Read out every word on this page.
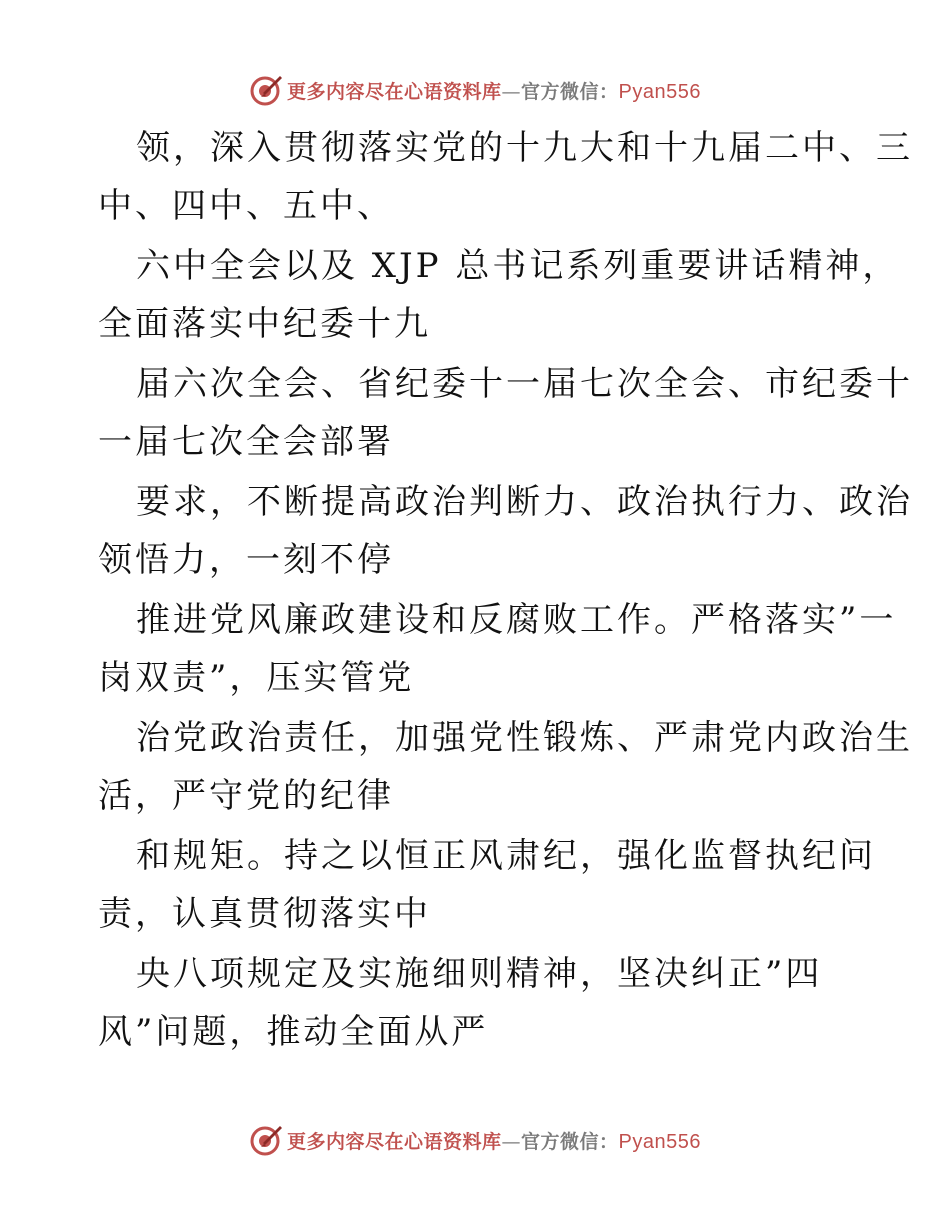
更多内容尽在心语资料库—官方微信：Pyan556
领，深入贯彻落实党的十九大和十九届二中、三
中、四中、五中、
六中全会以及 XJP 总书记系列重要讲话精神，
全面落实中纪委十九
届六次全会、省纪委十一届七次全会、市纪委十
一届七次全会部署
要求，不断提高政治判断力、政治执行力、政治
领悟力，一刻不停
推进党风廉政建设和反腐败工作。严格落实”一
岗双责”，压实管党
治党政治责任，加强党性锻炼、严肃党内政治生
活，严守党的纪律
和规矩。持之以恒正风肃纪，强化监督执纪问
责，认真贯彻落实中
央八项规定及实施细则精神，坚决纠正”四
风”问题，推动全面从严
更多内容尽在心语资料库—官方微信：Pyan556
